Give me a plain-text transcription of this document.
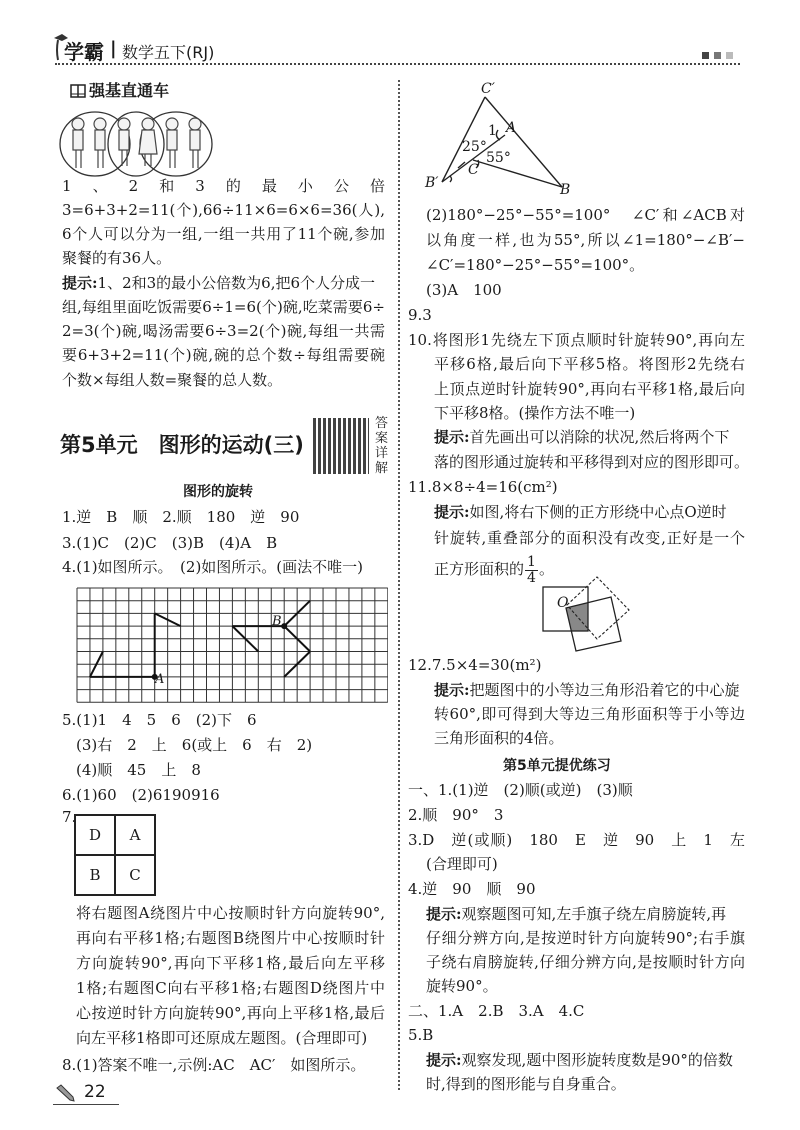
学霸 | 数学五下(RJ)
强基直通车
1、2和3的最小公倍
3=6+3+2=11(个),66÷11×6=6×6=36(人),
6个人可以分为一组,一组一共用了11个碗,参加
聚餐的有36人。
提示:1、2和3的最小公倍数为6,把6个人分成一
组,每组里面吃饭需要6÷1=6(个)碗,吃菜需要6÷
2=3(个)碗,喝汤需要6÷3=2(个)碗,每组一共需
要6+3+2=11(个)碗,碗的总个数÷每组需要碗
个数×每组人数=聚餐的总人数。
第5单元　图形的运动(三)
答案详解
图形的旋转
1.逆　B　顺　2.顺　180　逆　90
3.(1)C　(2)C　(3)B　(4)A　B
4.(1)如图所示。　(2)如图所示。(画法不唯一)
A
B
5.(1)1　4　5　6　(2)下　6
(3)右　2　上　6(或上　6　右　2)
(4)顺　45　上　8
6.(1)60　(2)6190916
7.
D	A
B	C
将右题图A绕图片中心按顺时针方向旋转90°,
再向右平移1格;右题图B绕图片中心按顺时针
方向旋转90°,再向下平移1格,最后向左平移
1格;右题图C向右平移1格;右题图D绕图片中
心按逆时针方向旋转90°,再向上平移1格,最后
向左平移1格即可还原成左题图。(合理即可)
8.(1)答案不唯一,示例:AC　AC′　如图所示。
22
C′
A
1
25°
55°
C
B′	B
(2)180°−25°−55°=100°　∠C′和∠ACB对
以角度一样,也为55°,所以∠1=180°−∠B′−
∠C′=180°−25°−55°=100°。
(3)A　100
9.3
10.将图形1先绕左下顶点顺时针旋转90°,再向左
平移6格,最后向下平移5格。将图形2先绕右
上顶点逆时针旋转90°,再向右平移1格,最后向
下平移8格。(操作方法不唯一)
提示:首先画出可以消除的状况,然后将两个下
落的图形通过旋转和平移得到对应的图形即可。
11.8×8÷4=16(cm²)
提示:如图,将右下侧的正方形绕中心点O逆时
针旋转,重叠部分的面积没有改变,正好是一个
正方形面积的 $\frac{1}{4}$ 。
O
12.7.5×4=30(m²)
提示:把题图中的小等边三角形沿着它的中心旋
转60°,即可得到大等边三角形面积等于小等边
三角形面积的4倍。
第5单元提优练习
一、1.(1)逆　(2)顺(或逆)　(3)顺
2.顺　90°　3
3.D　逆(或顺)　180　E　逆　90　上　1　左　
(合理即可)
4.逆　90　顺　90
提示:观察题图可知,左手旗子绕左肩膀旋转,再
仔细分辨方向,是按逆时针方向旋转90°;右手旗
子绕右肩膀旋转,仔细分辨方向,是按顺时针方向
旋转90°。
二、1.A　2.B　3.A　4.C
5.B
提示:观察发现,题中图形旋转度数是90°的倍数
时,得到的图形能与自身重合。
